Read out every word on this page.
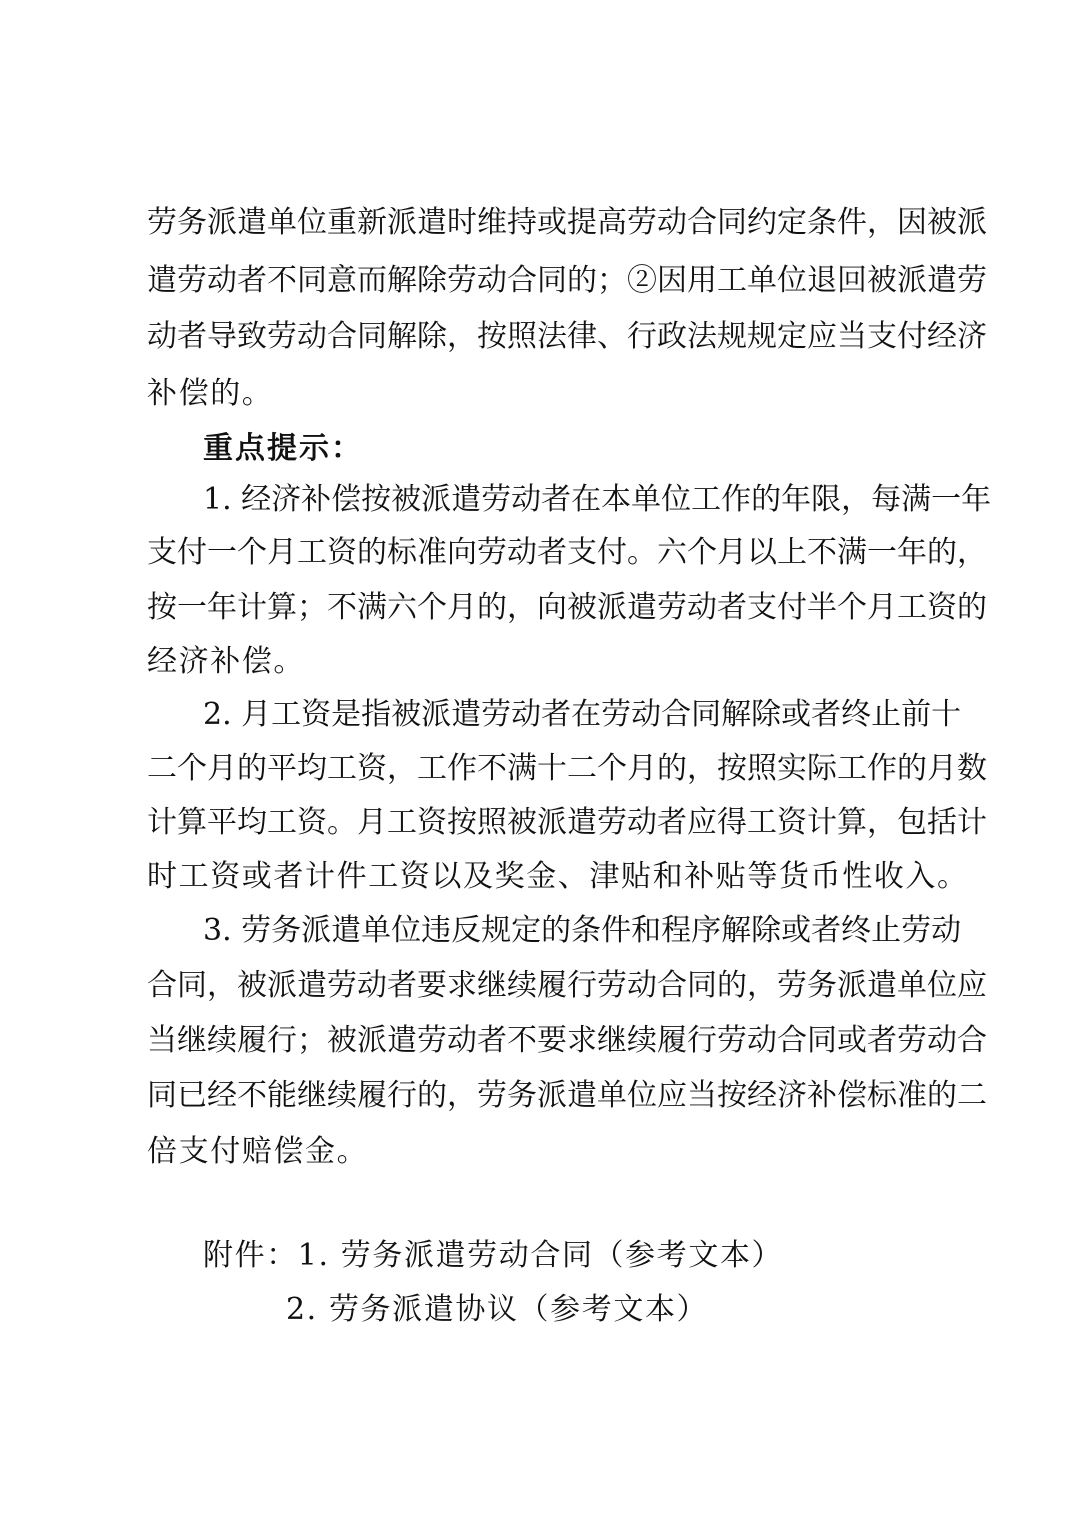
劳务派遣单位重新派遣时维持或提高劳动合同约定条件，因被派
遣劳动者不同意而解除劳动合同的；②因用工单位退回被派遣劳
动者导致劳动合同解除，按照法律、行政法规规定应当支付经济
补偿的。
重点提示：
1. 经济补偿按被派遣劳动者在本单位工作的年限，每满一年
支付一个月工资的标准向劳动者支付。六个月以上不满一年的，
按一年计算；不满六个月的，向被派遣劳动者支付半个月工资的
经济补偿。
2. 月工资是指被派遣劳动者在劳动合同解除或者终止前十
二个月的平均工资，工作不满十二个月的，按照实际工作的月数
计算平均工资。月工资按照被派遣劳动者应得工资计算，包括计
时工资或者计件工资以及奖金、津贴和补贴等货币性收入。
3. 劳务派遣单位违反规定的条件和程序解除或者终止劳动
合同，被派遣劳动者要求继续履行劳动合同的，劳务派遣单位应
当继续履行；被派遣劳动者不要求继续履行劳动合同或者劳动合
同已经不能继续履行的，劳务派遣单位应当按经济补偿标准的二
倍支付赔偿金。
附件：1. 劳务派遣劳动合同（参考文本）
2. 劳务派遣协议（参考文本）
